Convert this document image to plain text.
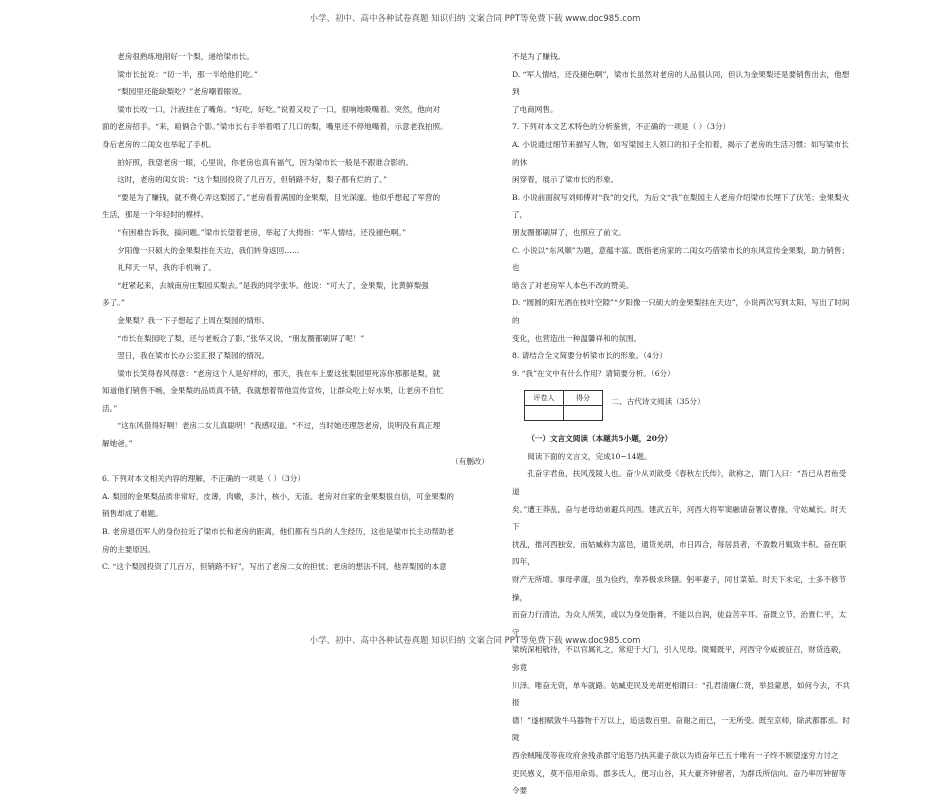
小学、初中、高中各种试卷真题 知识归纳 文案合同 PPT等免费下载 www.doc985.com

老房很熟练地削好一个梨，递给梁市长。

梁市长扯说：“切一半，那一半给他们吃。”

“梨园里还能缺梨吃？”老房嘲着眼说。

梁市长咬一口，汁液挂在了嘴角。“好吃，好吃。”说着又咬了一口，很响地吸嘴着。突然，他向对

面的老房招手。“来，咱俩合个影。”梁市长右手举着啃了几口的梨，嘴里还不停地嘴着，示意老我拍照。

身后老房的二闺女也举起了手机。

拍好照，我望老房一眼，心里说，你老房也真有福气，因为梁市长一般是不跟谁合影的。

这时，老房的闺女说：“这个梨园投资了几百万，但销路不好，梨子都有烂的了。”

“要是为了赚钱，就不费心弄这梨园了。”老房看着满园的金果梨，目光深邃。他似乎想起了军营的

生活，那是一个年轻时的模样。

“有困难告诉我，搞问题。”梁市长望着老房，举起了大拇指：“军人情结，还没褪色啊。”

夕阳像一只硕大的金果梨挂在天边，我们转身返回……

礼拜天一早，我的手机响了。

“赶紧起来，去城南房庄梨园买梨去。”是我的同学张华。他说：“可大了，金果梨，比黄鲜梨强

多了。”

金果梨？我一下子想起了上周在梨园的情形。

“市长在梨园吃了梨，还与老板合了影，”张华又说，“朋友圈都刷屏了呢！”

翌日，我在梁市长办公室汇报了梨园的情况。

梁市长笑得春风得意：“老房这个人是好样的，那天，我在车上要这张梨园里死冻你那都是梨，就

知道他们销售不畅，金果梨的品质真不错，我就想着帮他宣传宣传，让群众吃上好水果，让老房不自忙

活。”

“这东风借得好啊！老房二女儿真聪明！”我感叹道。“不过，当时她还理怨老房，说明没有真正理

解她爸。”

（有删改）

6. 下列对本文相关内容的理解，不正确的一项是（ ）（3分）

A. 梨园的金果梨品质非常好，皮薄，肉嫩，多汁，核小，无渣。老房对自家的金果梨很自信，可金果梨的

销售却成了难题。

B. 老房退伍军人的身份拉近了梁市长和老房的距离，他们都有当兵的人生经历，这也是梁市长主动帮助老

房的主要原因。

C. “这个梨园投资了几百万，但销路不好”，写出了老房二女的担忧；老房的想法不同，他弄梨园的本意

不是为了赚钱。

D. “军人情结，还没褪色啊”，梁市长虽然对老房的人品很认同，但认为金果梨还是要销售出去，他想到

了电商网售。

7. 下列对本文艺术特色的分析鉴赏，不正确的一项是（ ）（3分）

A. 小说通过细节来描写人物，如写梁园主人领口的扣子全扣着，揭示了老房的生活习惯；如写梁市长的休

闲穿着，展示了梁市长的形象。

B. 小说前面叙写刘师傅对“我”的交代，为后文“我”在梨园主人老房介绍梁市长埋下了伏笔；金果梨火了，

朋友圈都刷屏了，也照应了前文。

C. 小说以“东风顺”为题，意蕴丰富。既指老房家的二闺女巧借梁市长的东风宣传金果梨，助力销售；也

暗含了对老房军人本色不改的赞美。

D. “圆圆的阳光酒在枝叶空隙”“夕阳像一只硕大的金果梨挂在天边”，小说两次写到太阳，写出了时间的

变化，也营造出一种温馨祥和的氛围。

8. 请结合全文简要分析梁市长的形象。（4分）

9. “我”在文中有什么作用？请简要分析。（6分）

评卷人	得分
		二、古代诗文阅读（35分）

（一）文言文阅读（本题共5小题，20分）

阅读下面的文言文，完成10~14题。

孔奋字君鱼，扶风茂陵人也。奋少从刘歆受《春秋左氏传》，歆称之，谓门人曰：“吾已从君鱼受道

矣。”遭王莽乱，奋与老母幼弟避兵河西。建武五年，河西大将军窦融请奋署议曹掾，守姑臧长。时天下

扰乱，推河西独安，而姑臧称为富邑，通货羌胡，市日四合，每居县者，不盈数月辄致丰积。奋在职四年，

财产无所增。事母孝谨，虽为俭约，奉养极求珍膳。躬率妻子，同甘菜茹。时天下未定，士多不修节操，

而奋力行清洁，为众人所笑，或以为身处脂膏，不能以自润，徒益苦辛耳。奋既立节，治貴仁平，太守

梁统深相敬待，不以官属礼之，常迎于大门，引入见母。陇蜀既平，河西守令咸被征召，财货连毂，弥竟

川泽。唯奋无资，单车就路。姑臧吏民及羌胡更相谓曰：“孔君清廉仁贤，举县蒙恩，如何今去，不共报

德！”遂相赋敛牛马器物千万以上，追送数百里。奋谢之而已，一无所受。既至京师，除武都郡丞。时陇

西余贼隗茂等夜攻府舍残杀郡守追怒乃执其妻子欲以为质奋年已五十唯有一子终不顾望遂穷力讨之

吏民感义，莫不倍用命焉。郡多氐人，便习山谷，其大豪齐钟留者，为群氐所信向。奋乃率厉钟留等令要

小学、初中、高中各种试卷真题 知识归纳 文案合同 PPT等免费下载 www.doc985.com
